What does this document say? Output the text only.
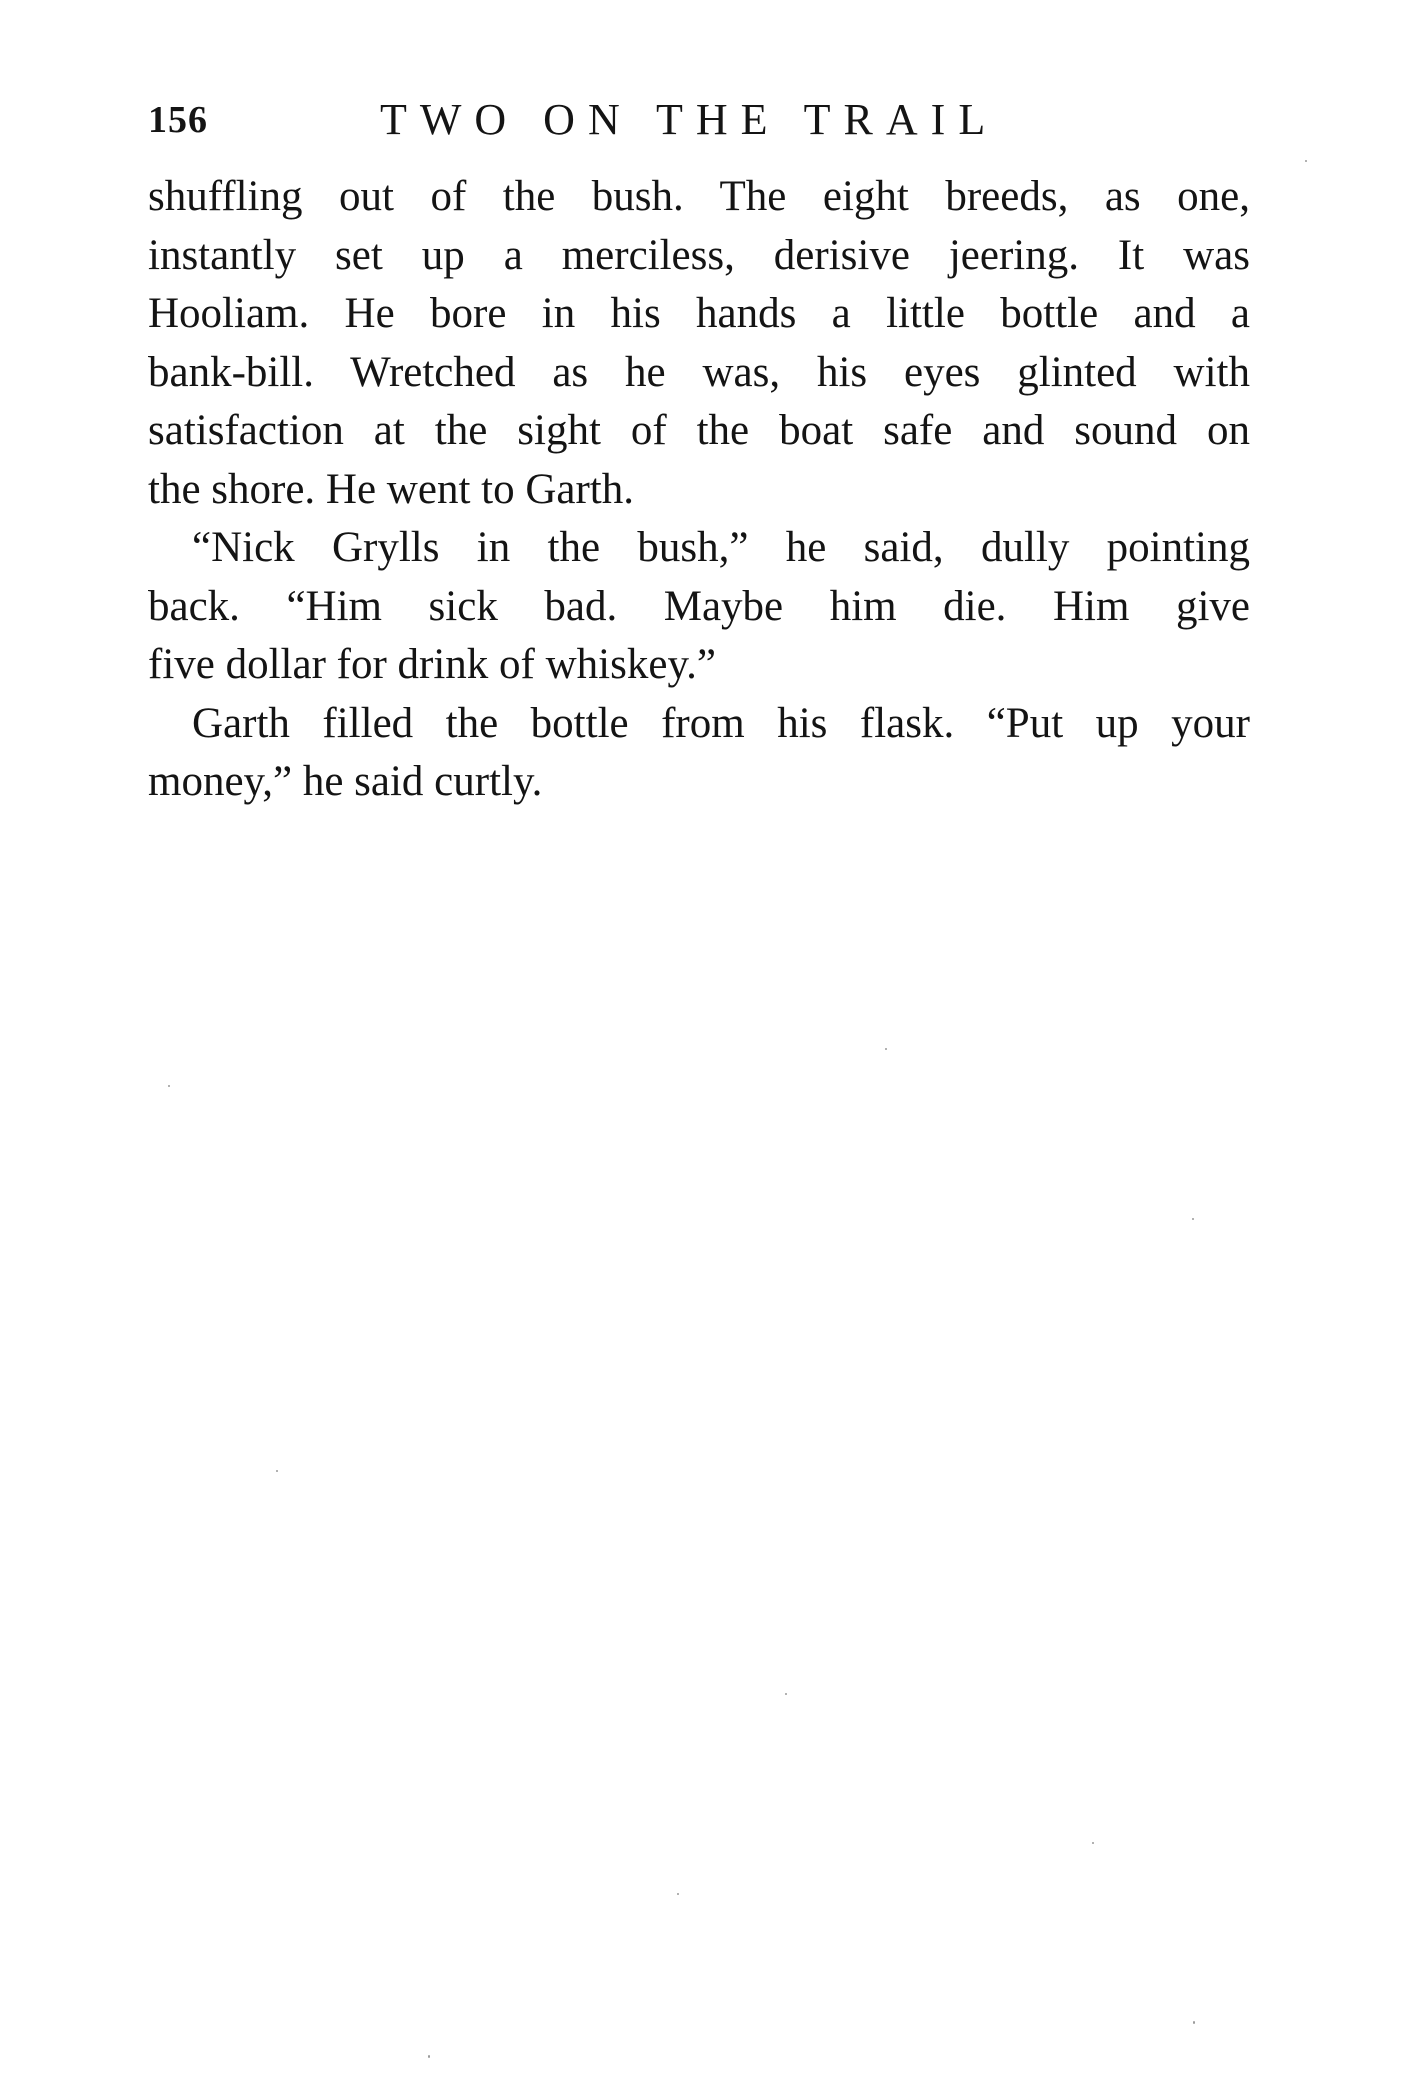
156	TWO ON THE TRAIL

shuffling out of the bush. The eight breeds, as one,
instantly set up a merciless, derisive jeering. It was
Hooliam. He bore in his hands a little bottle and a
bank-bill. Wretched as he was, his eyes glinted with
satisfaction at the sight of the boat safe and sound on
the shore. He went to Garth.

“Nick Grylls in the bush,” he said, dully pointing
back. “Him sick bad. Maybe him die. Him give
five dollar for drink of whiskey.”

Garth filled the bottle from his flask. “Put up your
money,” he said curtly.
